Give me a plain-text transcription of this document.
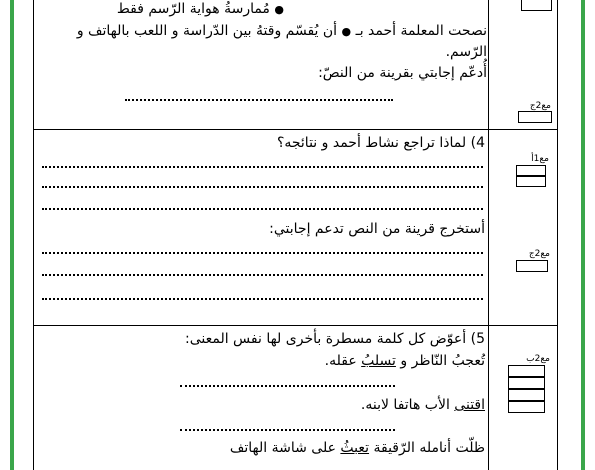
● مُمارسةُ هواية الرّسم فقط
نصحت المعلمة أحمد بـ ● أن يُقسّم وقتهُ بين الدّراسة و اللعب بالهاتف و
الرّسم.
أُدعّم إجابتي بقرينة من النصّ:
مع2ج
4) لماذا تراجع نشاط أحمد و نتائجه؟
مع1أ
أستخرج قرينة من النص تدعم إجابتي:
مع2ج
5) أعوّض كل كلمة مسطرة بأخرى لها نفس المعنى:
تُعجبُ النّاظر و تسلبُ عقله.
اقتنى الأب هاتفا لابنه.
ظلّت أنامله الرّقيقة تعبثُ على شاشة الهاتف
مع2ب
